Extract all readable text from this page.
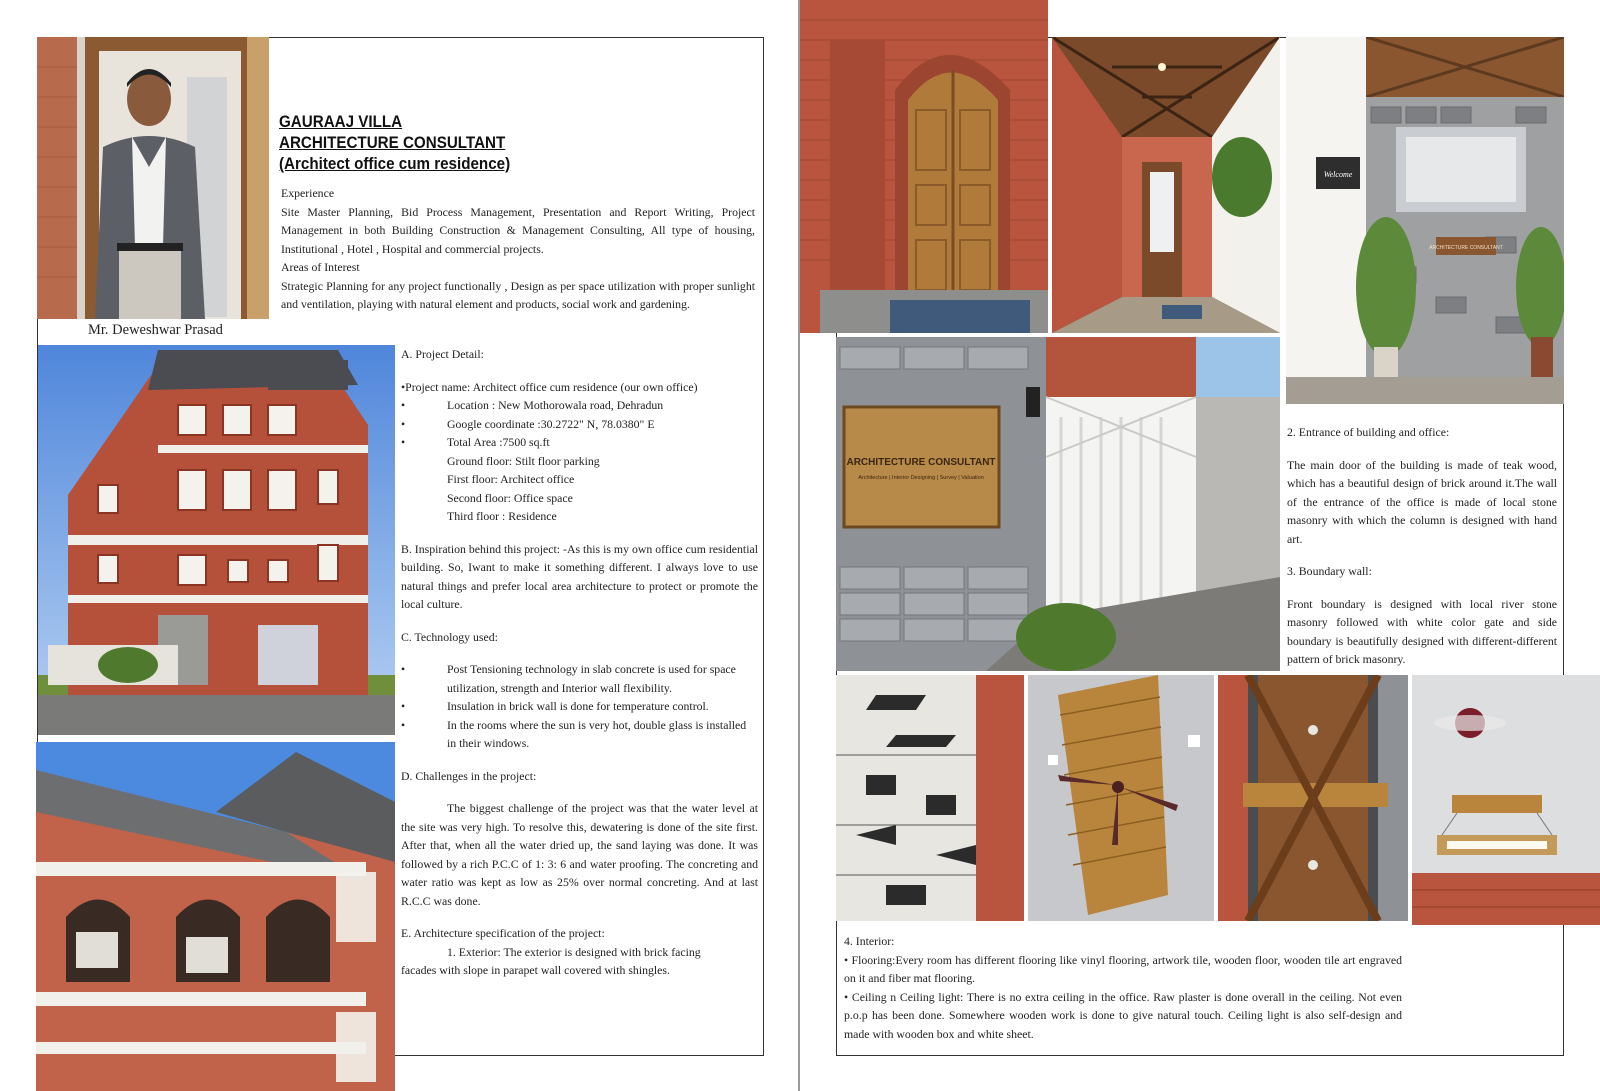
Mr. Deweshwar Prasad
GAURAAJ VILLA
ARCHITECTURE CONSULTANT
(Architect office cum residence)

Experience

Site Master Planning, Bid Process Management, Presentation and Report Writing, Project Management in both Building Construction & Management Consulting, All type of housing, Institutional , Hotel , Hospital and commercial projects.

Areas of Interest

Strategic Planning for any project functionally , Design as per space utilization with proper sunlight and ventilation, playing with natural element and products, social work and gardening.

A. Project Detail:

•Project name: Architect office cum residence (our own office)

•	Location : New Mothorowala road, Dehradun
•	Google coordinate :30.2722" N, 78.0380" E
•	Total Area :7500 sq.ft

Ground floor: Stilt floor parking

First floor: Architect office

Second floor: Office space

Third floor : Residence

B. Inspiration behind this project: -As this is my own office cum residential building. So, Iwant to make it something different. I always love to use natural things and prefer local area architecture to protect or promote the local culture.

C. Technology used:

•	Post Tensioning technology in slab concrete is used for space utilization, strength and Interior wall flexibility.
•	Insulation in brick wall is done for temperature control.
•	In the rooms where the sun is very hot, double glass is installed in their windows.

D. Challenges in the project:

The biggest challenge of the project was that the water level at the site was very high. To resolve this, dewatering is done of the site first. After that, when all the water dried up, the sand laying was done. It was followed by a rich P.C.C of 1: 3: 6 and water proofing. The concreting and water ratio was kept as low as 25% over normal concreting. And at last R.C.C was done.

E. Architecture specification of the project:

1. Exterior: The exterior is designed with brick facing

facades with slope in parapet wall covered with shingles.

ARCHITECTURE CONSULTANT
Welcome
ARCHITECTURE CONSULTANT
Architecture | Interior Designing | Survey | Valuation

2. Entrance of building and office:

The main door of the building is made of teak wood, which has a beautiful design of brick around it.The wall of the entrance of the office is made of local stone masonry with which the column is designed with hand art.

3. Boundary wall:

Front boundary is designed with local river stone masonry followed with white color gate and side boundary is beautifully designed with different-different pattern of brick masonry.

4. Interior:

• Flooring:Every room has different flooring like vinyl flooring, artwork tile, wooden floor, wooden tile art engraved on it and fiber mat flooring.

• Ceiling n Ceiling light: There is no extra ceiling in the office. Raw plaster is done overall in the ceiling. Not even p.o.p has been done. Somewhere wooden work is done to give natural touch. Ceiling light is also self-design and made with wooden box and white sheet.
